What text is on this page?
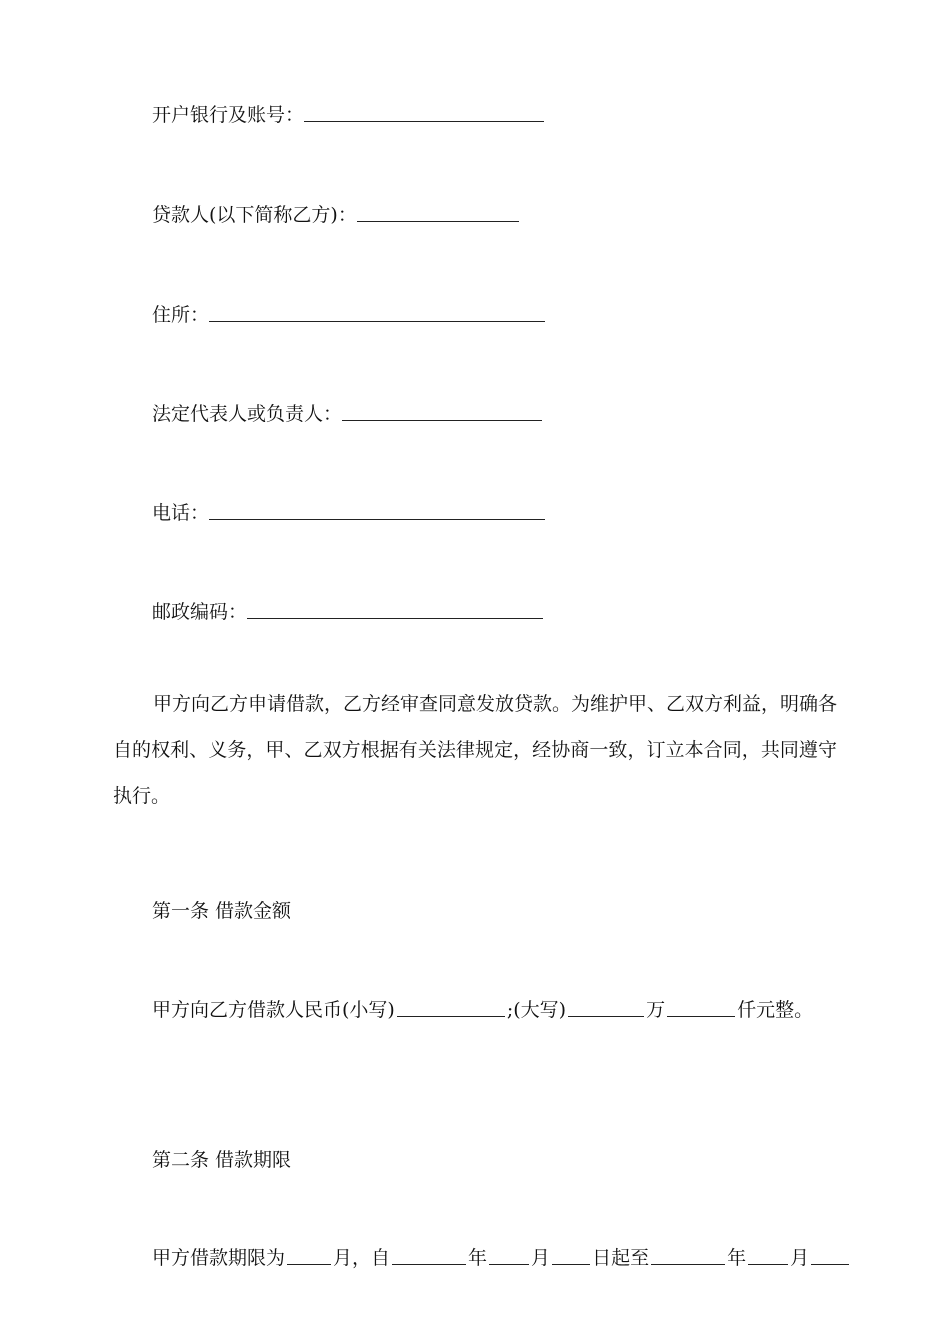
开户银行及账号：
贷款人(以下简称乙方)：
住所：
法定代表人或负责人：
电话：
邮政编码：

甲方向乙方申请借款，乙方经审查同意发放贷款。为维护甲、乙双方利益，明确各自的权利、义务，甲、乙双方根据有关法律规定，经协商一致，订立本合同，共同遵守执行。

第一条 借款金额
甲方向乙方借款人民币(小写)	;(大写)	万	仟元整。
第二条 借款期限
甲方借款期限为	月，自	年 月 日起至	年 月
